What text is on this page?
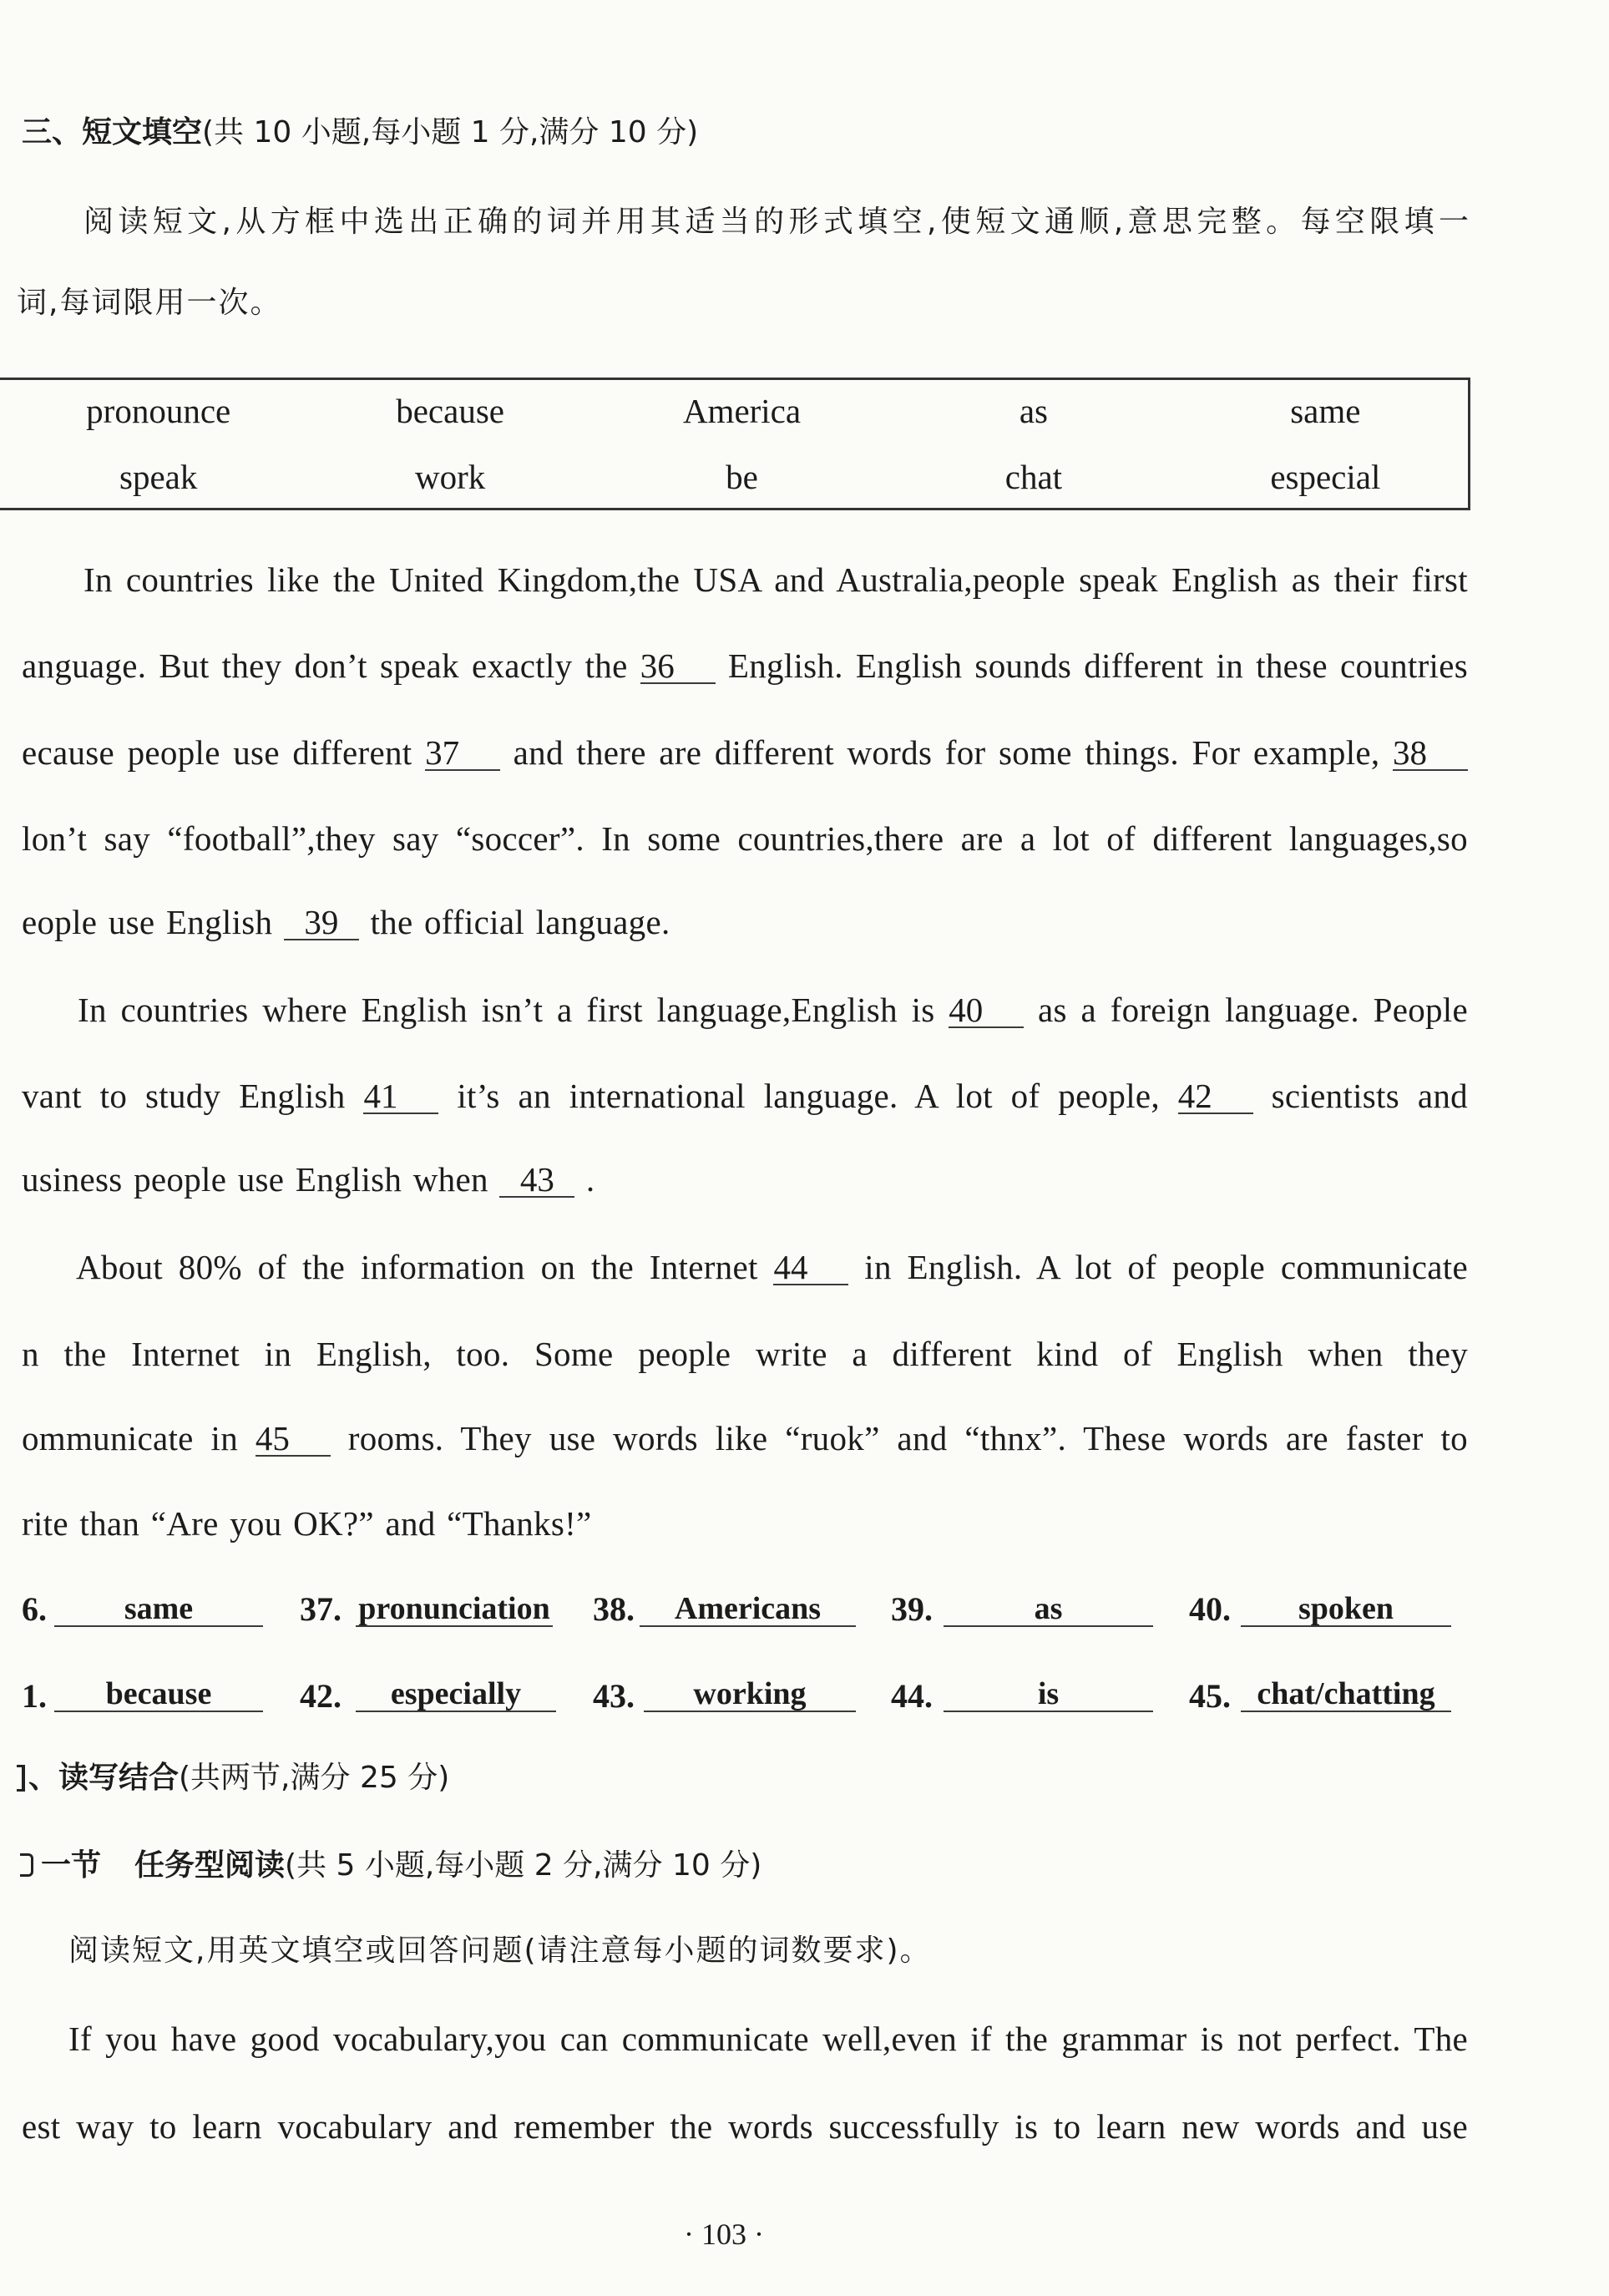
三、短文填空(共 10 小题,每小题 1 分,满分 10 分)
阅读短文,从方框中选出正确的词并用其适当的形式填空,使短文通顺,意思完整。每空限填一
词,每词限用一次。
pronounce	because	America	as	same
speak	work	be	chat	especial
In countries like the United Kingdom,the USA and Australia,people speak English as their first
anguage. But they don’t speak exactly the 36 English. English sounds different in these countries
ecause people use different 37 and there are different words for some things. For example, 38
lon’t say “football”,they say “soccer”. In some countries,there are a lot of different languages,so
eople use English 39 the official language.
In countries where English isn’t a first language,English is 40 as a foreign language. People
vant to study English 41 it’s an international language. A lot of people, 42 scientists and
usiness people use English when 43 .
About 80% of the information on the Internet 44 in English. A lot of people communicate
n the Internet in English, too. Some people write a different kind of English when they
ommunicate in 45 rooms. They use words like “ruok” and “thnx”. These words are faster to
rite than “Are you OK?” and “Thanks!”
6.	same	37. pronunciation 38.	Americans	39.	as	40.	spoken
1.	because	42.	especially	43.	working	44.	is	45. chat/chatting
、读写结合(共两节,满分 25 分)
一节 任务型阅读(共 5 小题,每小题 2 分,满分 10 分)
阅读短文,用英文填空或回答问题(请注意每小题的词数要求)。
If you have good vocabulary,you can communicate well,even if the grammar is not perfect. The
est way to learn vocabulary and remember the words successfully is to learn new words and use
· 103 ·
